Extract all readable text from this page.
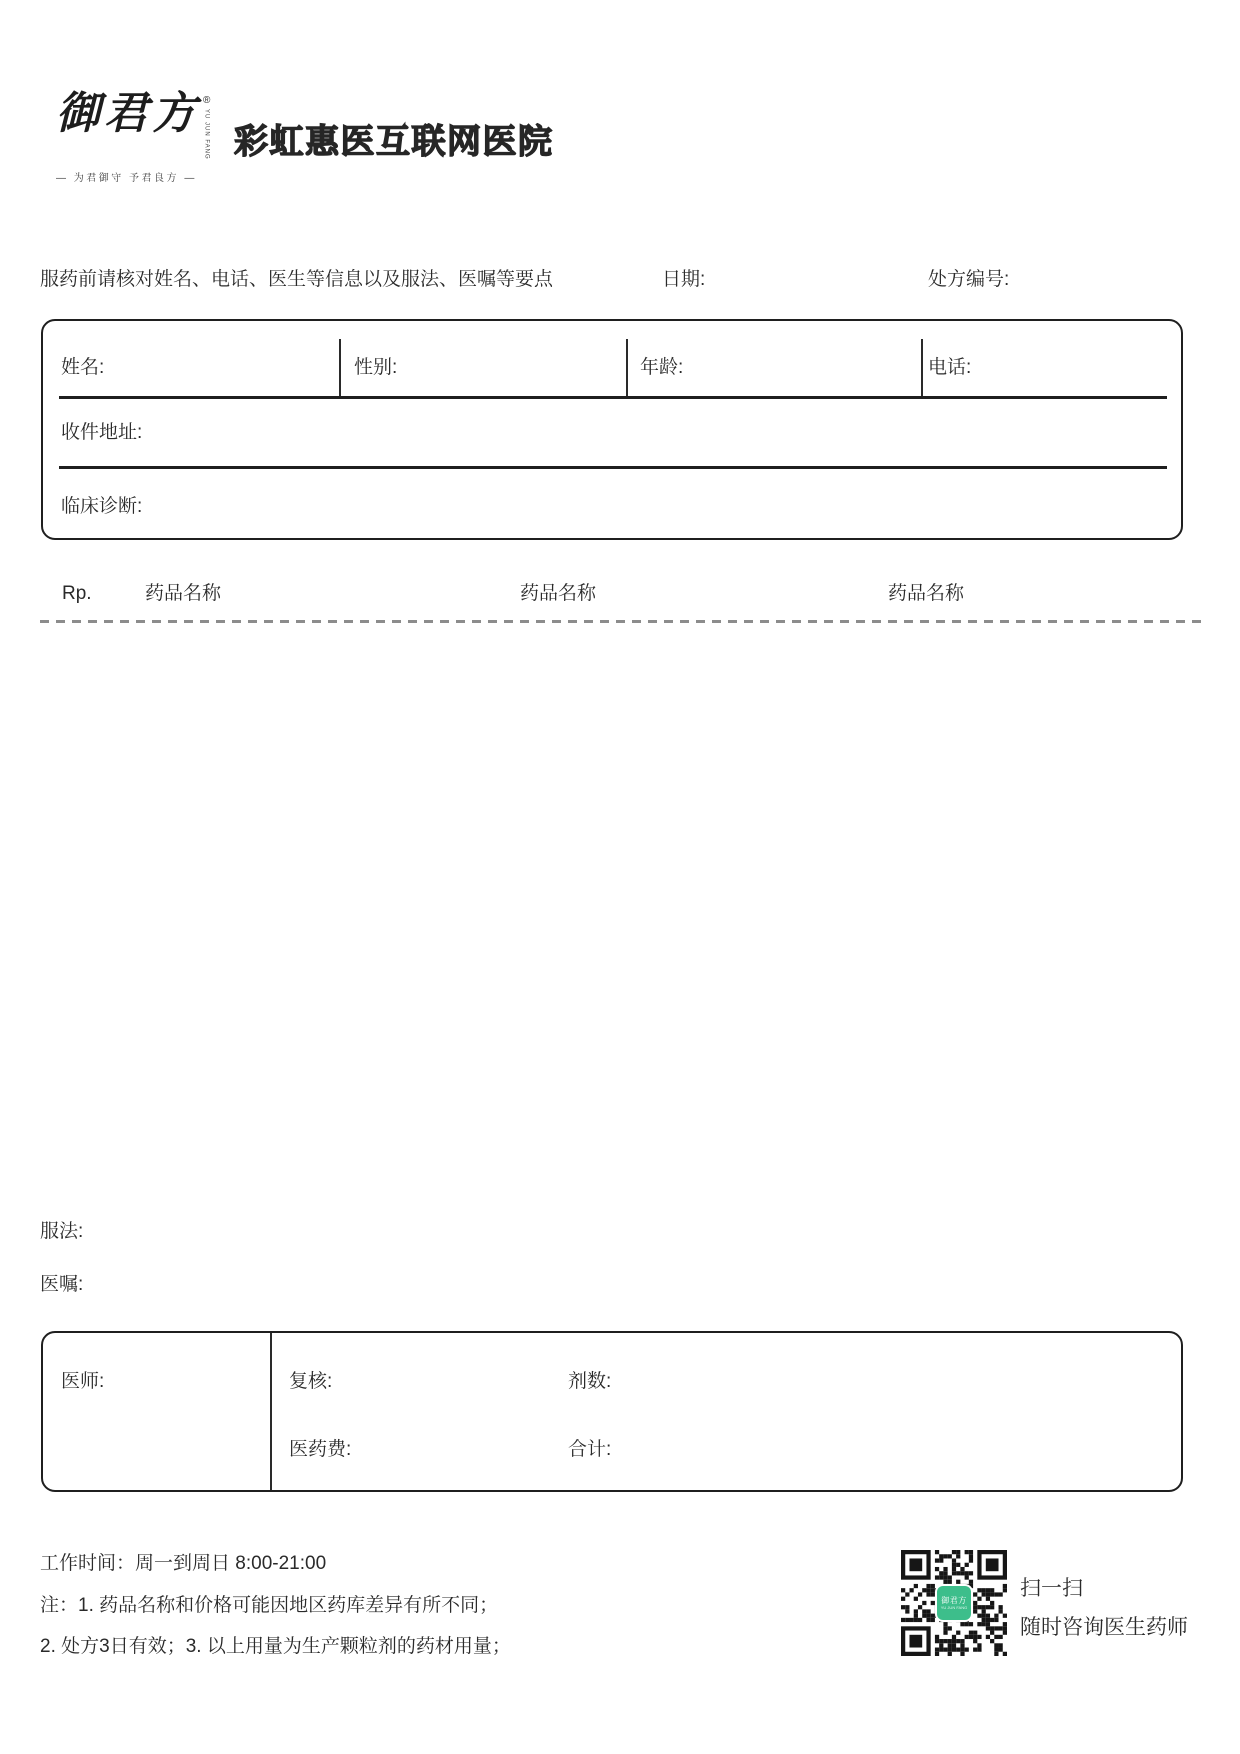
御君方 ®
YU JUN FANG
— 为君御守 予君良方 —
彩虹惠医互联网医院
服药前请核对姓名、电话、医生等信息以及服法、医嘱等要点	日期:	处方编号:
姓名:	性别:	年龄:	电话:
收件地址:
临床诊断:
Rp.	药品名称	药品名称	药品名称
服法:
医嘱:
医师:	复核:	剂数:
医药费:	合计:
工作时间：周一到周日 8:00-21:00
注：1. 药品名称和价格可能因地区药库差异有所不同；
2. 处方3日有效；3. 以上用量为生产颗粒剂的药材用量；
御君方
YU JUN FANG
扫一扫
随时咨询医生药师
